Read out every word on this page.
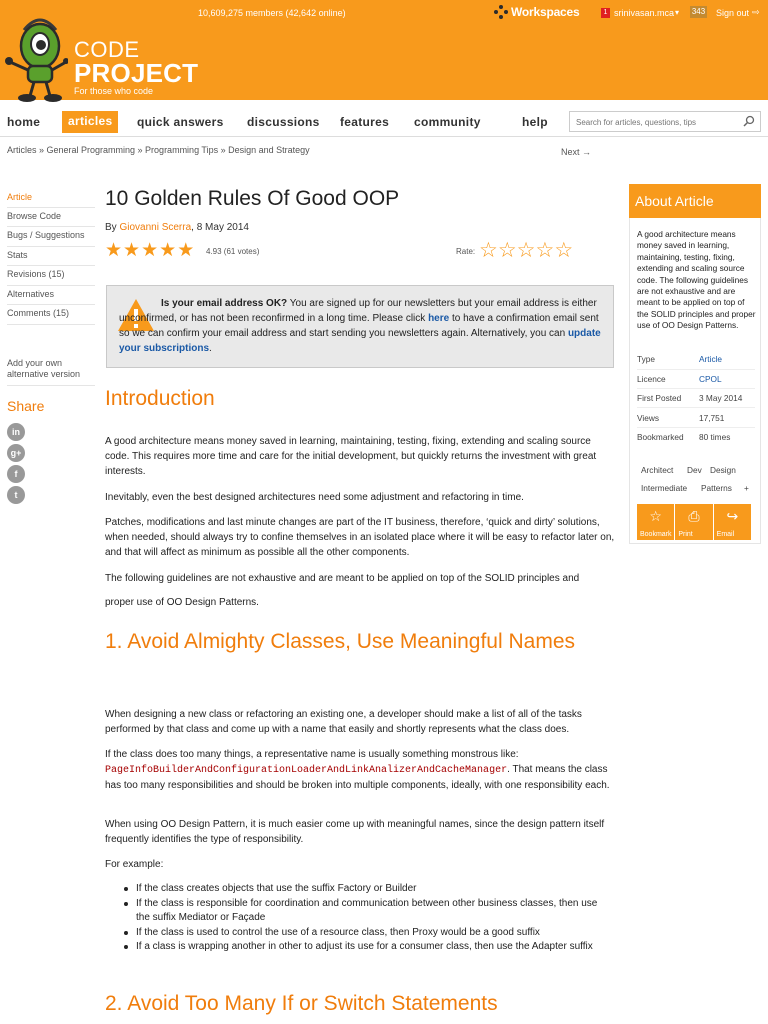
10,609,275 members (42,642 online)	Workspaces	1 srinivasan.mca ▾ 343 Sign out ⇨
CODE
PROJECT
For those who code
home	articles	quick answers discussions features community	help
Search for articles, questions, tips
Articles » General Programming » Programming Tips » Design and Strategy	Next →
Article
Browse Code
Bugs / Suggestions
Stats
Revisions (15)
Alternatives
Comments (15)
Add your own
alternative version
Share
in
g+
f
t
10 Golden Rules Of Good OOP
By Giovanni Scerra, 8 May 2014
★ ★ ★ ★ ★ 4.93 (61 votes)	Rate: ☆ ☆ ☆ ☆ ☆
Is your email address OK? You are signed up for our newsletters but your email address is either unconfirmed, or has not been reconfirmed in a long time. Please click here to have a confirmation email sent so we can confirm your email address and start sending you newsletters again. Alternatively, you can update your subscriptions.
Introduction
A good architecture means money saved in learning, maintaining, testing, fixing, extending and scaling source code. This requires more time and care for the initial development, but quickly returns the investment with great interests.
Inevitably, even the best designed architectures need some adjustment and refactoring in time.
Patches, modifications and last minute changes are part of the IT business, therefore, ‘quick and dirty’ solutions, when needed, should always try to confine themselves in an isolated place where it will be easy to refactor later on, and that will affect as minimum as possible all the other components.
The following guidelines are not exhaustive and are meant to be applied on top of the SOLID principles and
proper use of OO Design Patterns.
1. Avoid Almighty Classes, Use Meaningful Names
When designing a new class or refactoring an existing one, a developer should make a list of all of the tasks performed by that class and come up with a name that easily and shortly represents what the class does.
If the class does too many things, a representative name is usually something monstrous like:
PageInfoBuilderAndConfigurationLoaderAndLinkAnalizerAndCacheManager. That means the class has too many responsibilities and should be broken into multiple components, ideally, with one responsibility each.
When using OO Design Pattern, it is much easier come up with meaningful names, since the design pattern itself frequently identifies the type of responsibility.
For example:
If the class creates objects that use the suffix Factory or Builder
If the class is responsible for coordination and communication between other business classes, then use the suffix Mediator or Façade
If the class is used to control the use of a resource class, then Proxy would be a good suffix
If a class is wrapping another in other to adjust its use for a consumer class, then use the Adapter suffix
2. Avoid Too Many If or Switch Statements
About Article
A good architecture means money saved in learning, maintaining, testing, fixing, extending and scaling source code. The following guidelines are not exhaustive and are meant to be applied on top of the SOLID principles and proper use of OO Design Patterns.
Type	Article
Licence	CPOL
First Posted 3 May 2014
Views	17,751
Bookmarked 80 times
Architect Dev Design
Intermediate Patterns +
☆
Bookmark
⎙
Print
↪
Email
